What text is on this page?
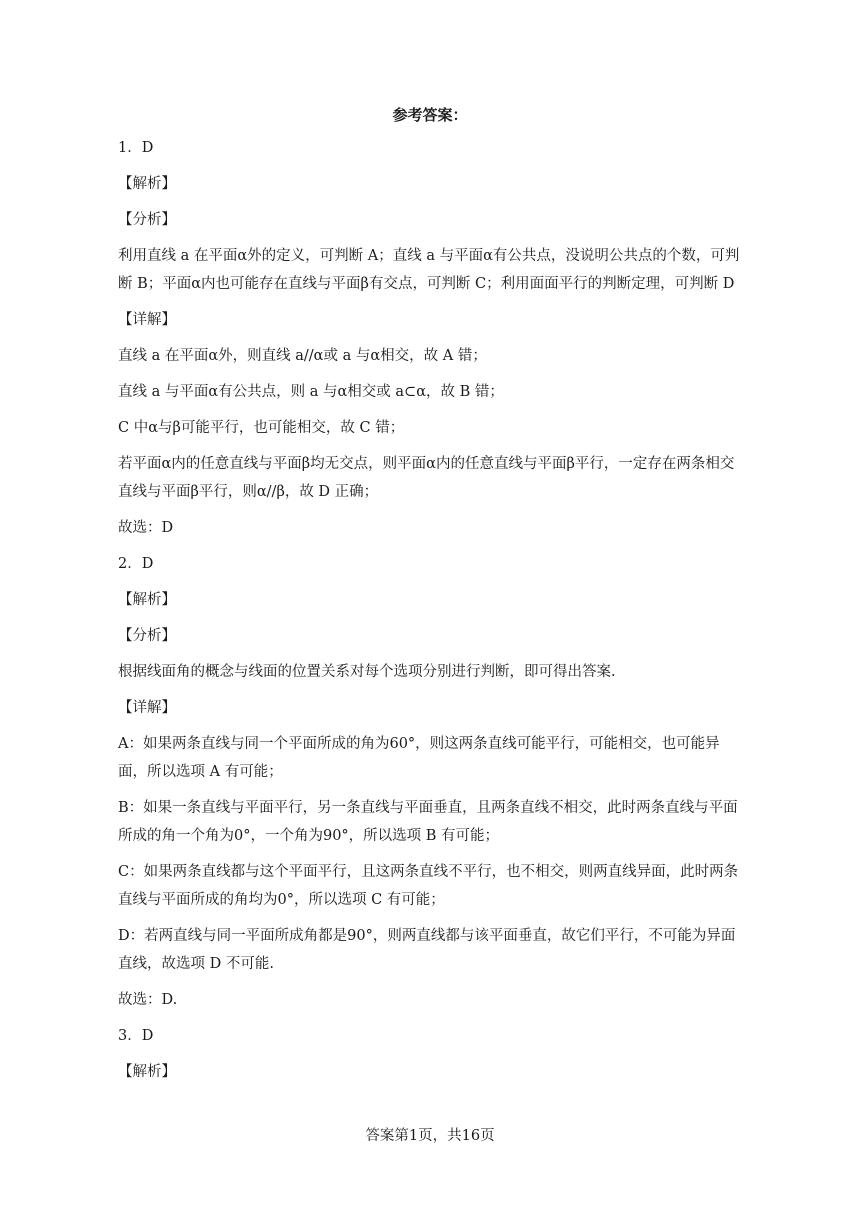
参考答案：

1．D

【解析】

【分析】

利用直线 a 在平面α外的定义，可判断 A；直线 a 与平面α有公共点，没说明公共点的个数，可判断 B；平面α内也可能存在直线与平面β有交点，可判断 C；利用面面平行的判断定理，可判断 D

【详解】

直线 a 在平面α外，则直线 a//α或 a 与α相交，故 A 错；

直线 a 与平面α有公共点，则 a 与α相交或 a⊂α，故 B 错；

C 中α与β可能平行，也可能相交，故 C 错；

若平面α内的任意直线与平面β均无交点，则平面α内的任意直线与平面β平行，一定存在两条相交直线与平面β平行，则α//β，故 D 正确；

故选：D

2．D

【解析】

【分析】

根据线面角的概念与线面的位置关系对每个选项分别进行判断，即可得出答案.

【详解】

A：如果两条直线与同一个平面所成的角为60°，则这两条直线可能平行，可能相交，也可能异面，所以选项 A 有可能；

B：如果一条直线与平面平行，另一条直线与平面垂直，且两条直线不相交，此时两条直线与平面所成的角一个角为0°，一个角为90°，所以选项 B 有可能；

C：如果两条直线都与这个平面平行，且这两条直线不平行，也不相交，则两直线异面，此时两条直线与平面所成的角均为0°，所以选项 C 有可能；

D：若两直线与同一平面所成角都是90°，则两直线都与该平面垂直，故它们平行，不可能为异面直线，故选项 D 不可能.

故选：D.

3．D

【解析】

答案第1页，共16页
